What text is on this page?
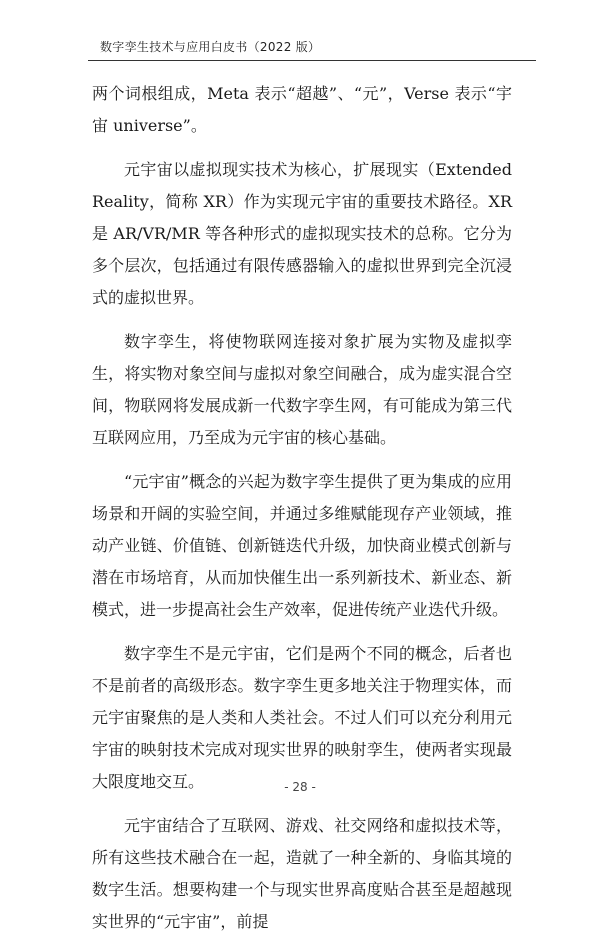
数字孪生技术与应用白皮书（2022 版）

两个词根组成，Meta 表示“超越”、“元”，Verse 表示“宇宙 universe”。

元宇宙以虚拟现实技术为核心，扩展现实（Extended Reality，简称 XR）作为实现元宇宙的重要技术路径。XR 是 AR/VR/MR 等各种形式的虚拟现实技术的总称。它分为多个层次，包括通过有限传感器输入的虚拟世界到完全沉浸式的虚拟世界。

数字孪生，将使物联网连接对象扩展为实物及虚拟孪生，将实物对象空间与虚拟对象空间融合，成为虚实混合空间，物联网将发展成新一代数字孪生网，有可能成为第三代互联网应用，乃至成为元宇宙的核心基础。

“元宇宙”概念的兴起为数字孪生提供了更为集成的应用场景和开阔的实验空间，并通过多维赋能现存产业领域，推动产业链、价值链、创新链迭代升级，加快商业模式创新与潜在市场培育，从而加快催生出一系列新技术、新业态、新模式，进一步提高社会生产效率，促进传统产业迭代升级。

数字孪生不是元宇宙，它们是两个不同的概念，后者也不是前者的高级形态。数字孪生更多地关注于物理实体，而元宇宙聚焦的是人类和人类社会。不过人们可以充分利用元宇宙的映射技术完成对现实世界的映射孪生，使两者实现最大限度地交互。

元宇宙结合了互联网、游戏、社交网络和虚拟技术等，所有这些技术融合在一起，造就了一种全新的、身临其境的数字生活。想要构建一个与现实世界高度贴合甚至是超越现实世界的“元宇宙”，前提

- 28 -
